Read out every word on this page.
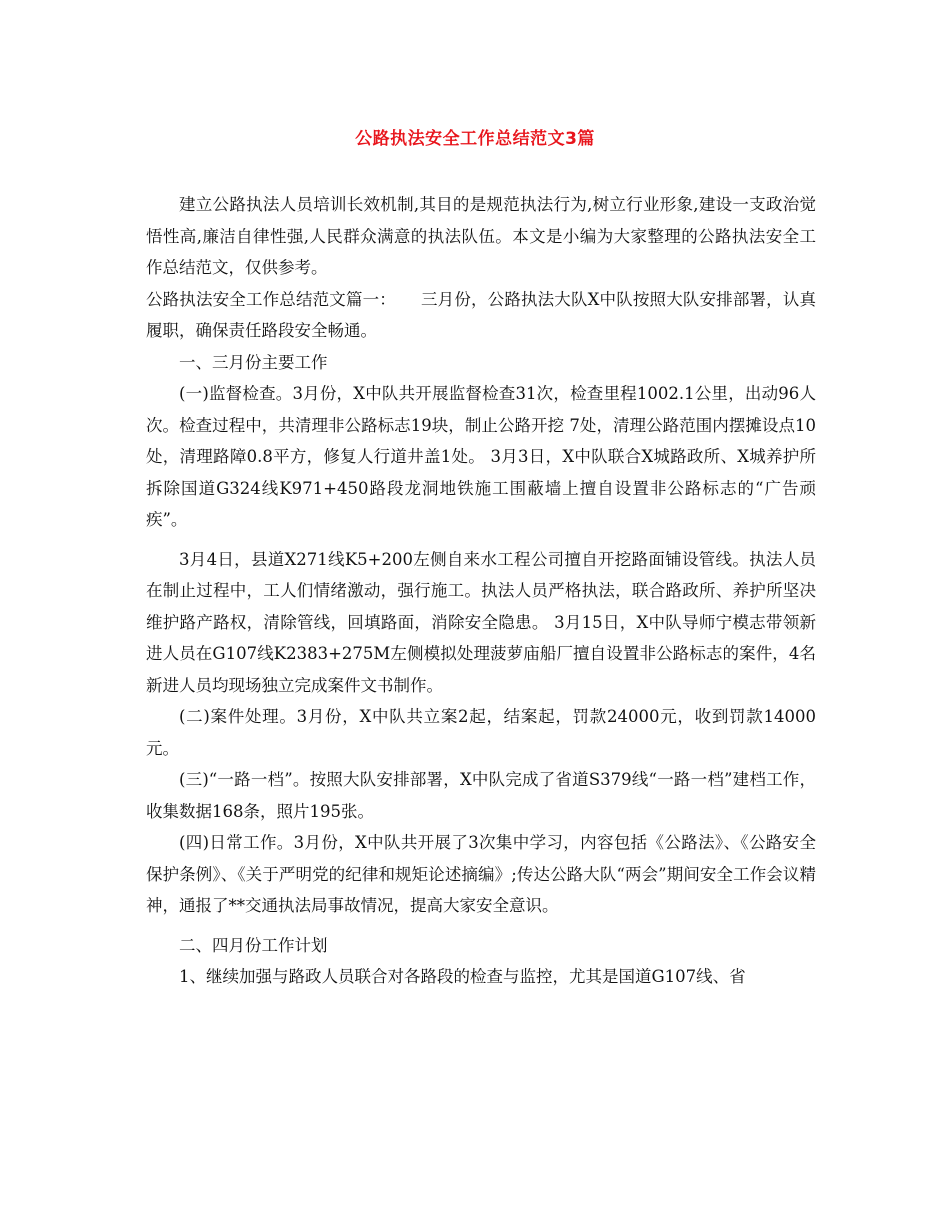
公路执法安全工作总结范文3篇

建立公路执法人员培训长效机制,其目的是规范执法行为,树立行业形象,建设一支政治觉悟性高,廉洁自律性强,人民群众满意的执法队伍。本文是小编为大家整理的公路执法安全工作总结范文，仅供参考。

公路执法安全工作总结范文篇一：　　三月份，公路执法大队X中队按照大队安排部署，认真履职，确保责任路段安全畅通。

一、三月份主要工作

(一)监督检查。3月份，X中队共开展监督检查31次，检查里程1002.1公里，出动96人次。检查过程中，共清理非公路标志19块，制止公路开挖 7处，清理公路范围内摆摊设点10处，清理路障0.8平方，修复人行道井盖1处。 3月3日，X中队联合X城路政所、X城养护所拆除国道G324线K971+450路段龙洞地铁施工围蔽墙上擅自设置非公路标志的“广告顽疾”。

3月4日，县道X271线K5+200左侧自来水工程公司擅自开挖路面铺设管线。执法人员在制止过程中，工人们情绪激动，强行施工。执法人员严格执法，联合路政所、养护所坚决维护路产路权，清除管线，回填路面，消除安全隐患。 3月15日，X中队导师宁模志带领新进人员在G107线K2383+275M左侧模拟处理菠萝庙船厂擅自设置非公路标志的案件，4名新进人员均现场独立完成案件文书制作。

(二)案件处理。3月份，X中队共立案2起，结案起，罚款24000元，收到罚款14000元。

(三)“一路一档”。按照大队安排部署，X中队完成了省道S379线“一路一档”建档工作，收集数据168条，照片195张。

(四)日常工作。3月份，X中队共开展了3次集中学习，内容包括《公路法》、《公路安全保护条例》、《关于严明党的纪律和规矩论述摘编》;传达公路大队“两会”期间安全工作会议精神，通报了**交通执法局事故情况，提高大家安全意识。

二、四月份工作计划

1、继续加强与路政人员联合对各路段的检查与监控，尤其是国道G107线、省
